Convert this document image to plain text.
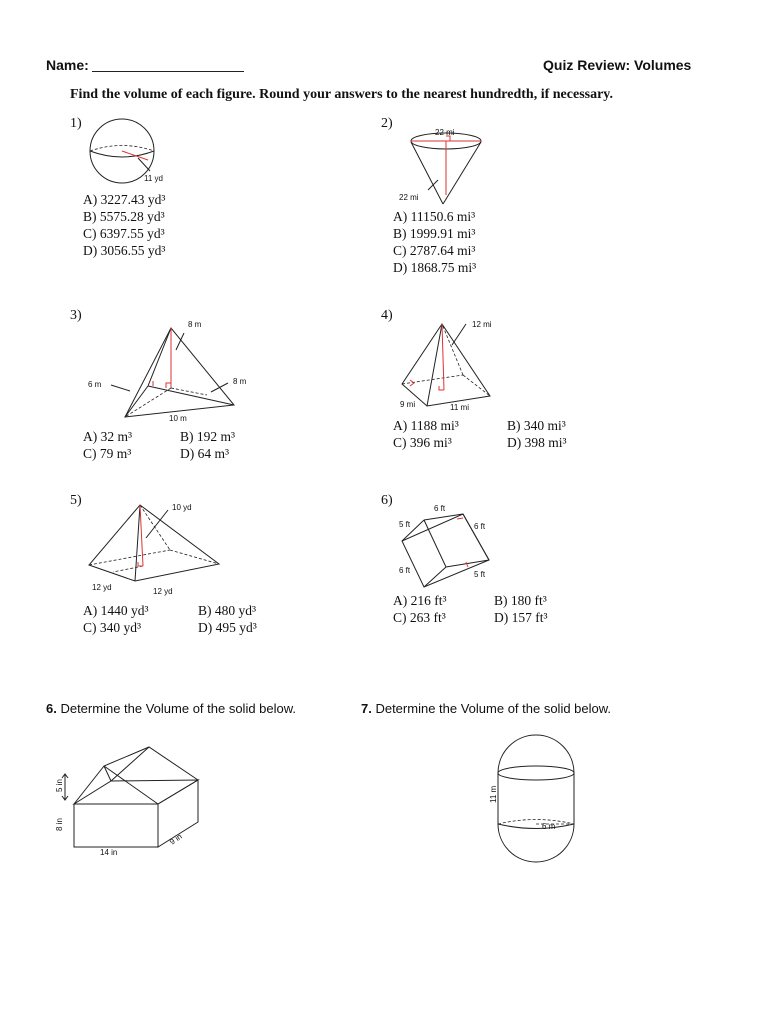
Name:	Quiz Review: Volumes
Find the volume of each figure. Round your answers to the nearest hundredth, if necessary.
1)
11 yd
A) 3227.43 yd³
B) 5575.28 yd³
C) 6397.55 yd³
D) 3056.55 yd³
2)
22 mi
22 mi
A) 11150.6 mi³
B) 1999.91 mi³
C) 2787.64 mi³
D) 1868.75 mi³
3)
8 m
6 m	8 m
10 m
A) 32 m³	B) 192 m³
C) 79 m³	D) 64 m³
4)
12 mi
9 mi	11 mi
A) 1188 mi³	B) 340 mi³
C) 396 mi³	D) 398 mi³
5)	10 yd
12 yd	12 yd
A) 1440 yd³	B) 480 yd³
C) 340 yd³	D) 495 yd³
6)
6 ft
5 ft	6 ft
6 ft	5 ft
A) 216 ft³	B) 180 ft³
C) 263 ft³	D) 157 ft³
6. Determine the Volume of the solid below.
5 in
8 in
14 in
9 in
7. Determine the Volume of the solid below.
11 m
6 m
